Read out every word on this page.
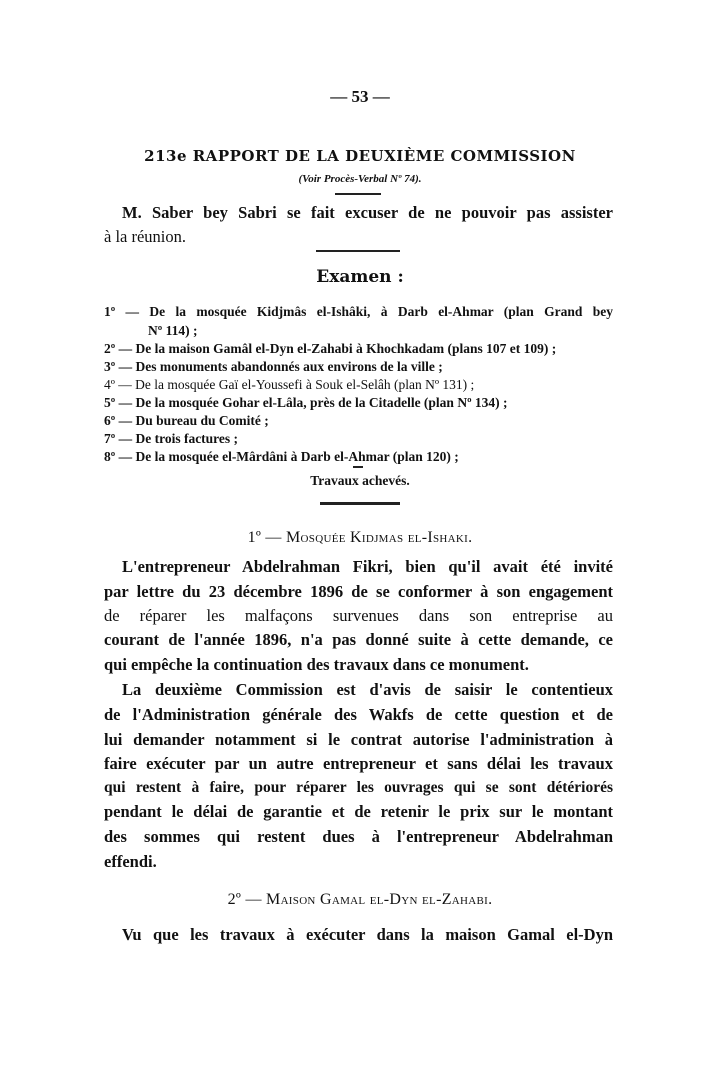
— 53 —
213e RAPPORT DE LA DEUXIÈME COMMISSION
(Voir Procès-Verbal Nº 74).
M. Saber bey Sabri se fait excuser de ne pouvoir pas assister
à la réunion.
Examen :
1º — De la mosquée Kidjmâs el-Ishâki, à Darb el-Ahmar (plan Grand bey
Nº 114) ;
2º — De la maison Gamâl el-Dyn el-Zahabi à Khochkadam (plans 107 et 109) ;
3º — Des monuments abandonnés aux environs de la ville ;
4º — De la mosquée Gaï el-Youssefi à Souk el-Selâh (plan Nº 131) ;
5º — De la mosquée Gohar el-Lâla, près de la Citadelle (plan Nº 134) ;
6º — Du bureau du Comité ;
7º — De trois factures ;
8º — De la mosquée el-Mârdâni à Darb el-Ahmar (plan 120) ;
Travaux achevés.
1º — Mosquée Kidjmas el-Ishaki.
L'entrepreneur Abdelrahman Fikri, bien qu'il avait été invité
par lettre du 23 décembre 1896 de se conformer à son engagement
de réparer les malfaçons survenues dans son entreprise au
courant de l'année 1896, n'a pas donné suite à cette demande, ce
qui empêche la continuation des travaux dans ce monument.
La deuxième Commission est d'avis de saisir le contentieux
de l'Administration générale des Wakfs de cette question et de
lui demander notamment si le contrat autorise l'administration à
faire exécuter par un autre entrepreneur et sans délai les travaux
qui restent à faire, pour réparer les ouvrages qui se sont détériorés
pendant le délai de garantie et de retenir le prix sur le montant
des sommes qui restent dues à l'entrepreneur Abdelrahman
effendi.
2º — Maison Gamal el-Dyn el-Zahabi.
Vu que les travaux à exécuter dans la maison Gamal el-Dyn
